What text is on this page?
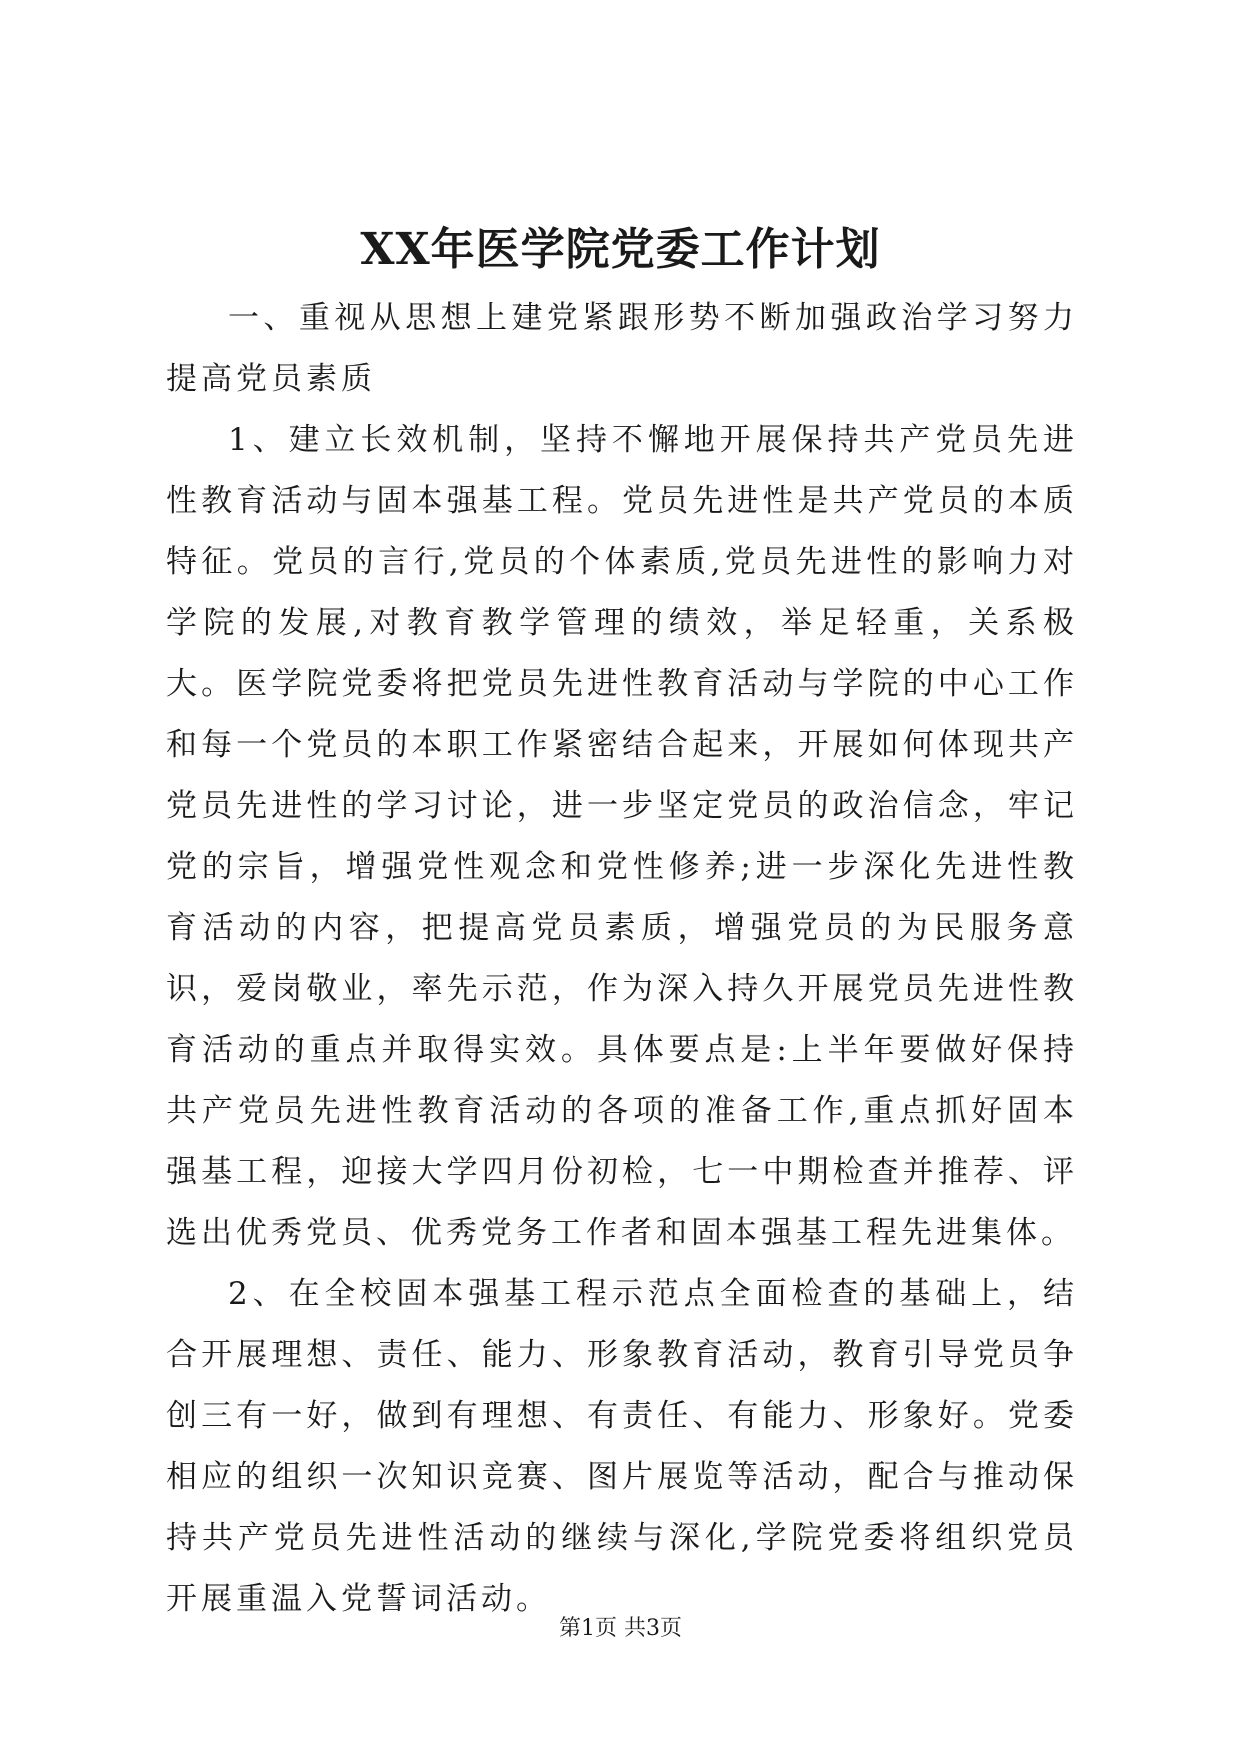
XX年医学院党委工作计划

一、重视从思想上建党紧跟形势不断加强政治学习努力提高党员素质

1、建立长效机制，坚持不懈地开展保持共产党员先进性教育活动与固本强基工程。党员先进性是共产党员的本质特征。党员的言行,党员的个体素质,党员先进性的影响力对学院的发展,对教育教学管理的绩效，举足轻重，关系极大。医学院党委将把党员先进性教育活动与学院的中心工作和每一个党员的本职工作紧密结合起来，开展如何体现共产党员先进性的学习讨论，进一步坚定党员的政治信念，牢记党的宗旨，增强党性观念和党性修养;进一步深化先进性教育活动的内容，把提高党员素质，增强党员的为民服务意识，爱岗敬业，率先示范，作为深入持久开展党员先进性教育活动的重点并取得实效。具体要点是:上半年要做好保持共产党员先进性教育活动的各项的准备工作,重点抓好固本强基工程，迎接大学四月份初检，七一中期检查并推荐、评选出优秀党员、优秀党务工作者和固本强基工程先进集体。

2、在全校固本强基工程示范点全面检查的基础上，结合开展理想、责任、能力、形象教育活动，教育引导党员争创三有一好，做到有理想、有责任、有能力、形象好。党委相应的组织一次知识竞赛、图片展览等活动，配合与推动保持共产党员先进性活动的继续与深化,学院党委将组织党员开展重温入党誓词活动。

第1页 共3页
